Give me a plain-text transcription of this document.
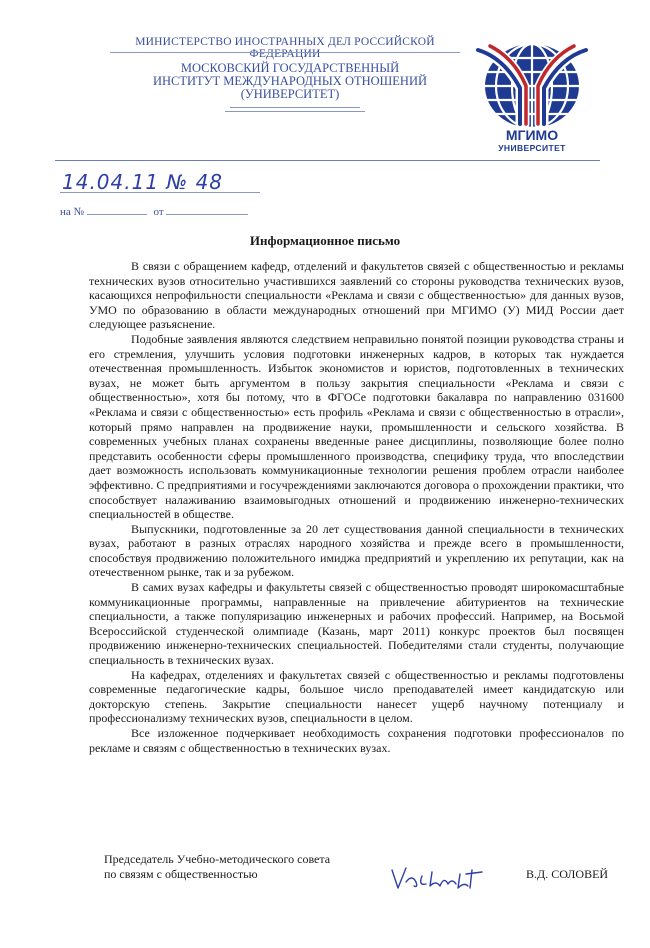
МИНИСТЕРСТВО ИНОСТРАННЫХ ДЕЛ РОССИЙСКОЙ ФЕДЕРАЦИИ
МОСКОВСКИЙ ГОСУДАРСТВЕННЫЙ
ИНСТИТУТ МЕЖДУНАРОДНЫХ ОТНОШЕНИЙ
(УНИВЕРСИТЕТ)
МГИМО
УНИВЕРСИТЕТ
14.04.11 № 48
на №	от
Информационное письмо

В связи с обращением кафедр, отделений и факультетов связей с общественностью и рекламы технических вузов относительно участившихся заявлений со стороны руководства технических вузов, касающихся непрофильности специальности «Реклама и связи с общественностью» для данных вузов, УМО по образованию в области международных отношений при МГИМО (У) МИД России дает следующее разъяснение.

Подобные заявления являются следствием неправильно понятой позиции руководства страны и его стремления, улучшить условия подготовки инженерных кадров, в которых так нуждается отечественная промышленность. Избыток экономистов и юристов, подготовленных в технических вузах, не может быть аргументом в пользу закрытия специальности «Реклама и связи с общественностью», хотя бы потому, что в ФГОСе подготовки бакалавра по направлению 031600 «Реклама и связи с общественностью» есть профиль «Реклама и связи с общественностью в отрасли», который прямо направлен на продвижение науки, промышленности и сельского хозяйства. В современных учебных планах сохранены введенные ранее дисциплины, позволяющие более полно представить особенности сферы промышленного производства, специфику труда, что впоследствии дает возможность использовать коммуникационные технологии решения проблем отрасли наиболее эффективно. С предприятиями и госучреждениями заключаются договора о прохождении практики, что способствует налаживанию взаимовыгодных отношений и продвижению инженерно-технических специальностей в обществе.

Выпускники, подготовленные за 20 лет существования данной специальности в технических вузах, работают в разных отраслях народного хозяйства и прежде всего в промышленности, способствуя продвижению положительного имиджа предприятий и укреплению их репутации, как на отечественном рынке, так и за рубежом.

В самих вузах кафедры и факультеты связей с общественностью проводят широкомасштабные коммуникационные программы, направленные на привлечение абитуриентов на технические специальности, а также популяризацию инженерных и рабочих профессий. Например, на Восьмой Всероссийской студенческой олимпиаде (Казань, март 2011) конкурс проектов был посвящен продвижению инженерно-технических специальностей. Победителями стали студенты, получающие специальность в технических вузах.

На кафедрах, отделениях и факультетах связей с общественностью и рекламы подготовлены современные педагогические кадры, большое число преподавателей имеет кандидатскую или докторскую степень. Закрытие специальности нанесет ущерб научному потенциалу и профессионализму технических вузов, специальности в целом.

Все изложенное подчеркивает необходимость сохранения подготовки профессионалов по рекламе и связям с общественностью в технических вузах.

Председатель Учебно-методического совета
по связям с общественностью	В.Д. СОЛОВЕЙ
